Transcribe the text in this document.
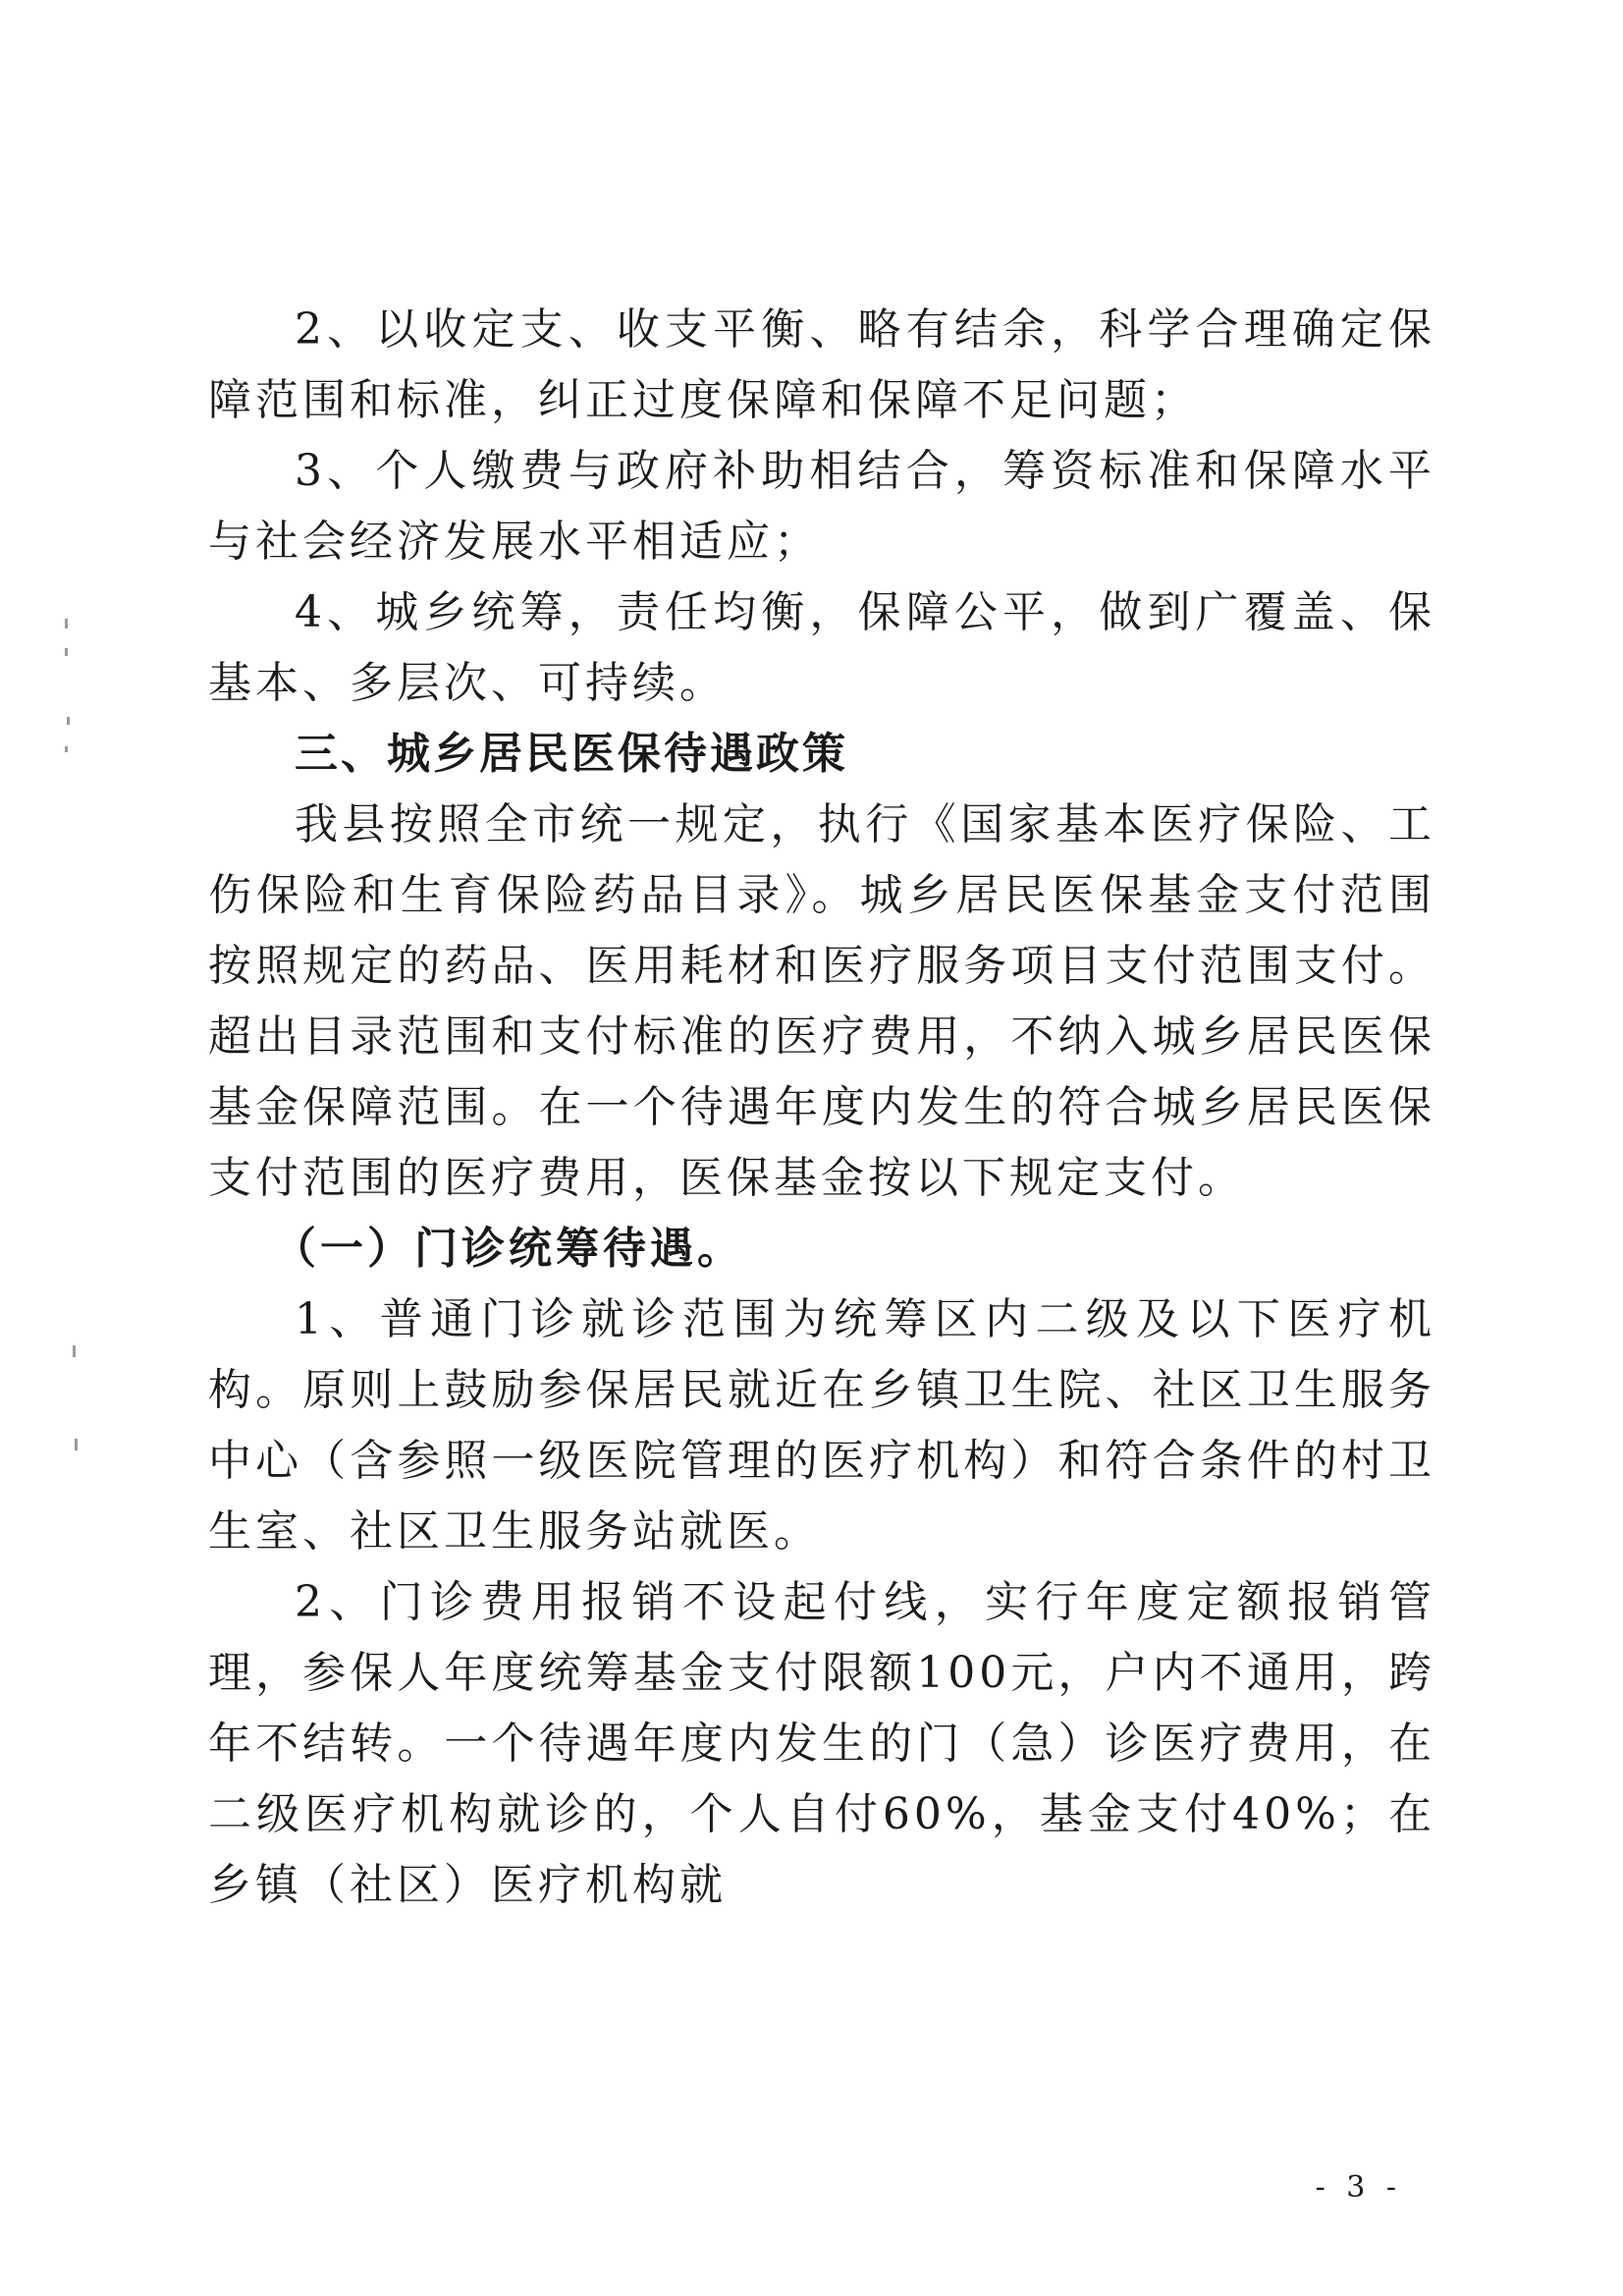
2、以收定支、收支平衡、略有结余，科学合理确定保障范围和标准，纠正过度保障和保障不足问题；

3、个人缴费与政府补助相结合，筹资标准和保障水平与社会经济发展水平相适应；

4、城乡统筹，责任均衡，保障公平，做到广覆盖、保基本、多层次、可持续。

三、城乡居民医保待遇政策

我县按照全市统一规定，执行《国家基本医疗保险、工伤保险和生育保险药品目录》。城乡居民医保基金支付范围按照规定的药品、医用耗材和医疗服务项目支付范围支付。超出目录范围和支付标准的医疗费用，不纳入城乡居民医保基金保障范围。在一个待遇年度内发生的符合城乡居民医保支付范围的医疗费用，医保基金按以下规定支付。

（一）门诊统筹待遇。

1、普通门诊就诊范围为统筹区内二级及以下医疗机构。原则上鼓励参保居民就近在乡镇卫生院、社区卫生服务中心（含参照一级医院管理的医疗机构）和符合条件的村卫生室、社区卫生服务站就医。

2、门诊费用报销不设起付线，实行年度定额报销管理，参保人年度统筹基金支付限额100元，户内不通用，跨年不结转。一个待遇年度内发生的门（急）诊医疗费用，在二级医疗机构就诊的，个人自付60%，基金支付40%；在乡镇（社区）医疗机构就

- 3 -
